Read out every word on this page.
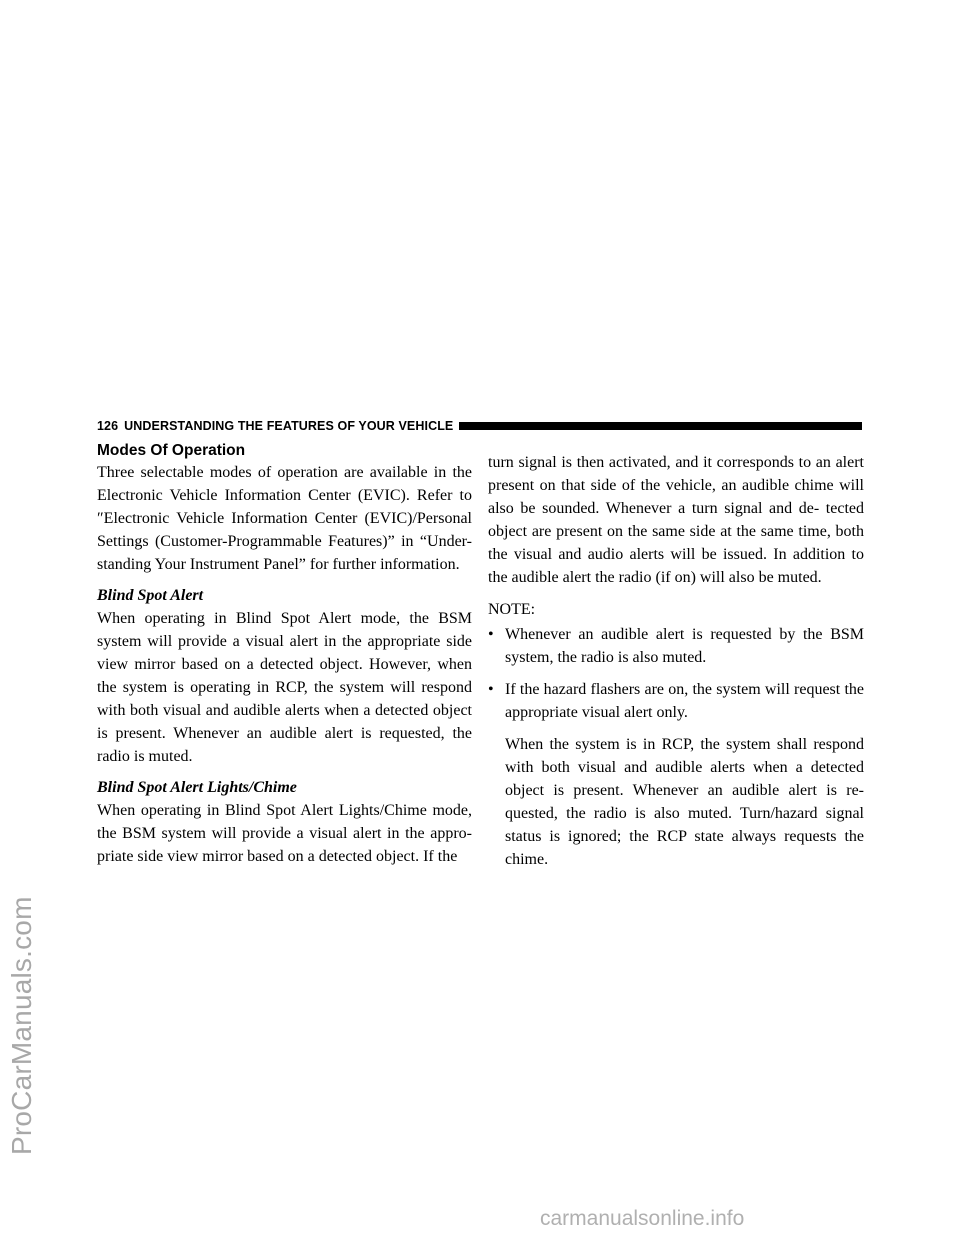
ProCarManuals.com
126 UNDERSTANDING THE FEATURES OF YOUR VEHICLE

Modes Of Operation

Three selectable modes of operation are available in the Electronic Vehicle Information Center (EVIC). Refer to ″Electronic Vehicle Information Center (EVIC)/Personal Settings (Customer-Programmable Features)” in “Under- standing Your Instrument Panel” for further information.

Blind Spot Alert

When operating in Blind Spot Alert mode, the BSM system will provide a visual alert in the appropriate side view mirror based on a detected object. However, when the system is operating in RCP, the system will respond with both visual and audible alerts when a detected object is present. Whenever an audible alert is requested, the radio is muted.

Blind Spot Alert Lights/Chime

When operating in Blind Spot Alert Lights/Chime mode, the BSM system will provide a visual alert in the appro- priate side view mirror based on a detected object. If the

turn signal is then activated, and it corresponds to an alert present on that side of the vehicle, an audible chime will also be sounded. Whenever a turn signal and de- tected object are present on the same side at the same time, both the visual and audio alerts will be issued. In addition to the audible alert the radio (if on) will also be muted.

NOTE:

• Whenever an audible alert is requested by the BSM system, the radio is also muted.
• If the hazard flashers are on, the system will request the appropriate visual alert only.

When the system is in RCP, the system shall respond with both visual and audible alerts when a detected object is present. Whenever an audible alert is re- quested, the radio is also muted. Turn/hazard signal status is ignored; the RCP state always requests the chime.

carmanualsonline.info
